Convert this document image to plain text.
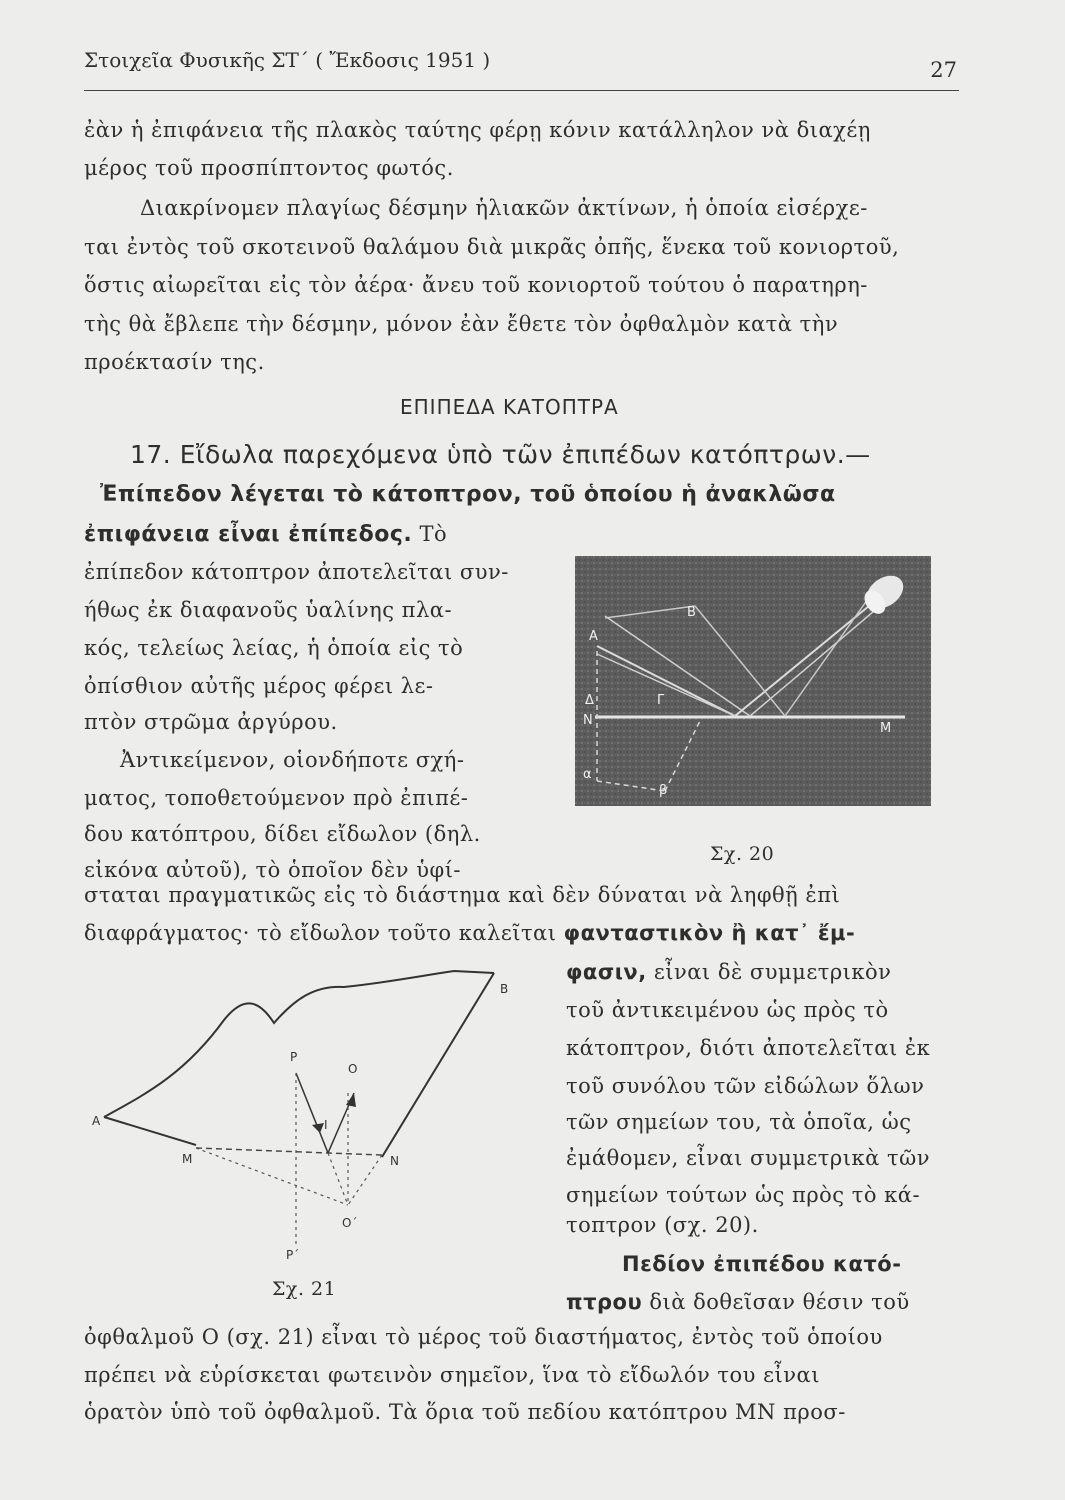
Στοιχεῖα Φυσικῆς ΣΤ΄ ( Ἔκδοσις 1951 )	27
ἐὰν ἡ ἐπιφάνεια τῆς πλακὸς ταύτης φέρῃ κόνιν κατάλληλον νὰ διαχέῃ
μέρος τοῦ προσπίπτοντος φωτός.
Διακρίνομεν πλαγίως δέσμην ἡλιακῶν ἀκτίνων, ἡ ὁποία εἰσέρχε-
ται ἐντὸς τοῦ σκοτεινοῦ θαλάμου διὰ μικρᾶς ὀπῆς, ἕνεκα τοῦ κονιορτοῦ,
ὅστις αἰωρεῖται εἰς τὸν ἀέρα· ἄνευ τοῦ κονιορτοῦ τούτου ὁ παρατηρη-
τὴς θὰ ἔβλεπε τὴν δέσμην, μόνον ἐὰν ἔθετε τὸν ὀφθαλμὸν κατὰ τὴν
προέκτασίν της.
ΕΠΙΠΕΔΑ ΚΑΤΟΠΤΡΑ
17. Εἴδωλα παρεχόμενα ὑπὸ τῶν ἐπιπέδων κατόπτρων.—
Ἐπίπεδον λέγεται τὸ κάτοπτρον, τοῦ ὁποίου ἡ ἀνακλῶσα
ἐπιφάνεια εἶναι ἐπίπεδος. Τὸ
ἐπίπεδον κάτοπτρον ἀποτελεῖται συν-
ήθως ἐκ διαφανοῦς ὑαλίνης πλα-
κός, τελείως λείας, ἡ ὁποία εἰς τὸ
ὀπίσθιον αὐτῆς μέρος φέρει λε-
πτὸν στρῶμα ἀργύρου.
Ἀντικείμενον, οἱονδήποτε σχή-
ματος, τοποθετούμενον πρὸ ἐπιπέ-
δου κατόπτρου, δίδει εἴδωλον (δηλ.
εἰκόνα αὐτοῦ), τὸ ὁποῖον δὲν ὑφί-
Α
Β
Δ	Γ
Ν
Μ
α
β
Σχ. 20
σταται πραγματικῶς εἰς τὸ διάστημα καὶ δὲν δύναται νὰ ληφθῇ ἐπὶ
διαφράγματος· τὸ εἴδωλον τοῦτο καλεῖται φανταστικὸν ἢ κατ᾿ ἔμ-
φασιν, εἶναι δὲ συμμετρικὸν
τοῦ ἀντικειμένου ὡς πρὸς τὸ
κάτοπτρον, διότι ἀποτελεῖται ἐκ
τοῦ συνόλου τῶν εἰδώλων ὅλων
τῶν σημείων του, τὰ ὁποῖα, ὡς
ἐμάθομεν, εἶναι συμμετρικὰ τῶν
σημείων τούτων ὡς πρὸς τὸ κά-
τοπτρον (σχ. 20).
Πεδίον ἐπιπέδου κατό-
πτρου διὰ δοθεῖσαν θέσιν τοῦ
A
B
P
O
I
M	N
O΄
P΄
Σχ. 21
ὀφθαλμοῦ Ο (σχ. 21) εἶναι τὸ μέρος τοῦ διαστήματος, ἐντὸς τοῦ ὁποίου
πρέπει νὰ εὑρίσκεται φωτεινὸν σημεῖον, ἵνα τὸ εἴδωλόν του εἶναι
ὁρατὸν ὑπὸ τοῦ ὀφθαλμοῦ. Τὰ ὅρια τοῦ πεδίου κατόπτρου ΜΝ προσ-
